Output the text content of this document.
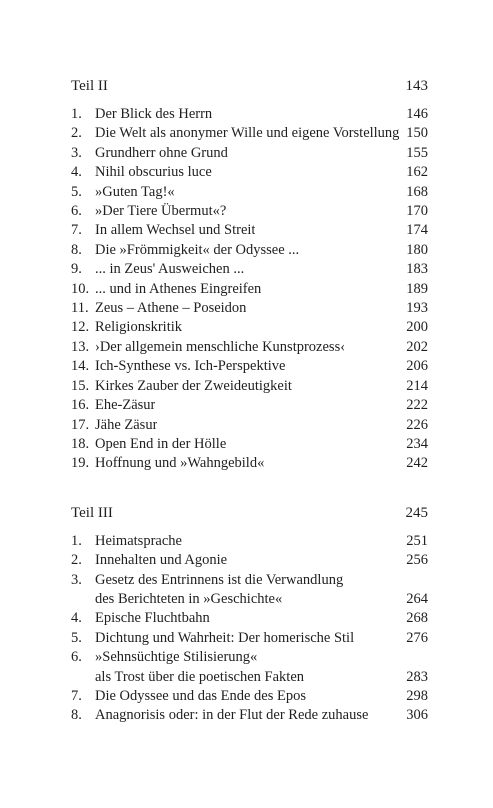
Teil II	143
1. Der Blick des Herrn	146
2. Die Welt als anonymer Wille und eigene Vorstellung 150
3. Grundherr ohne Grund	155
4. Nihil obscurius luce	162
5. »Guten Tag!«	168
6. »Der Tiere Übermut«?	170
7. In allem Wechsel und Streit	174
8. Die »Frömmigkeit« der Odyssee ...	180
9. ... in Zeus' Ausweichen ...	183
10. ... und in Athenes Eingreifen	189
11. Zeus – Athene – Poseidon	193
12. Religionskritik	200
13. ›Der allgemein menschliche Kunstprozess‹	202
14. Ich-Synthese vs. Ich-Perspektive	206
15. Kirkes Zauber der Zweideutigkeit	214
16. Ehe-Zäsur	222
17. Jähe Zäsur	226
18. Open End in der Hölle	234
19. Hoffnung und »Wahngebild«	242
Teil III	245
1. Heimatsprache	251
2. Innehalten und Agonie	256
3. Gesetz des Entrinnens ist die Verwandlung
des Berichteten in »Geschichte«	264
4. Epische Fluchtbahn	268
5. Dichtung und Wahrheit: Der homerische Stil	276
6. »Sehnsüchtige Stilisierung«
als Trost über die poetischen Fakten	283
7. Die Odyssee und das Ende des Epos	298
8. Anagnorisis oder: in der Flut der Rede zuhause	306
